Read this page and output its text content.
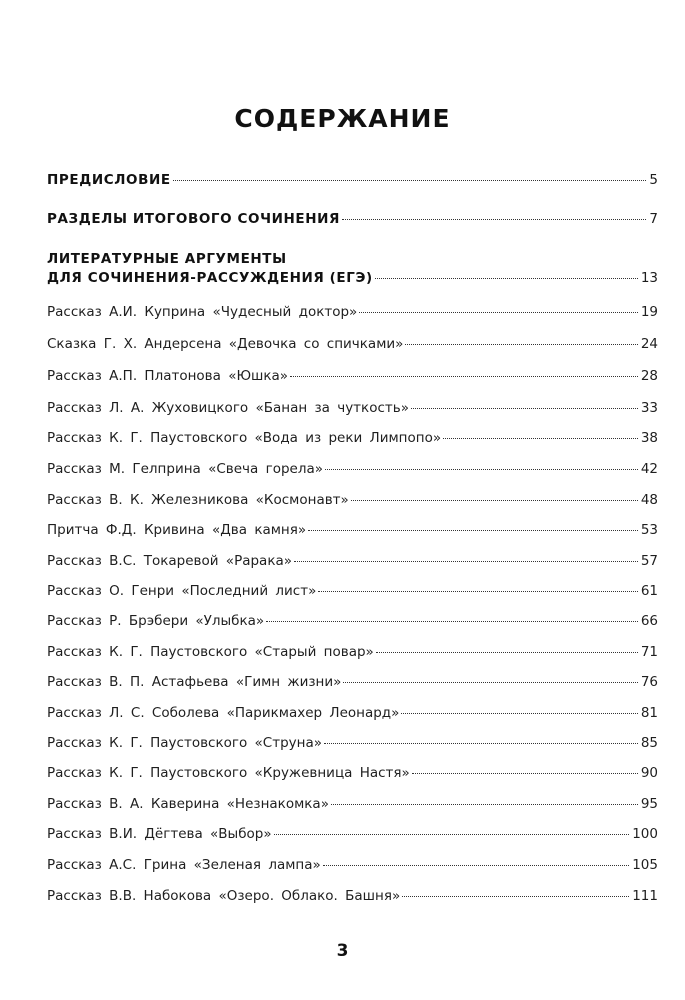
СОДЕРЖАНИЕ
ПРЕДИСЛОВИЕ	5
РАЗДЕЛЫ ИТОГОВОГО СОЧИНЕНИЯ	7
ЛИТЕРАТУРНЫЕ АРГУМЕНТЫ
ДЛЯ СОЧИНЕНИЯ-РАССУЖДЕНИЯ (ЕГЭ)	13
Рассказ А.И. Куприна «Чудесный доктор»	19
Сказка Г. Х. Андерсена «Девочка со спичками»	24
Рассказ А.П. Платонова «Юшка»	28
Рассказ Л. А. Жуховицкого «Банан за чуткость»	33
Рассказ К. Г. Паустовского «Вода из реки Лимпопо»	38
Рассказ М. Гелприна «Свеча горела»	42
Рассказ В. К. Железникова «Космонавт»	48
Притча Ф.Д. Кривина «Два камня»	53
Рассказ В.С. Токаревой «Рарака»	57
Рассказ О. Генри «Последний лист»	61
Рассказ Р. Брэбери «Улыбка»	66
Рассказ К. Г. Паустовского «Старый повар»	71
Рассказ В. П. Астафьева «Гимн жизни»	76
Рассказ Л. С. Соболева «Парикмахер Леонард»	81
Рассказ К. Г. Паустовского «Струна»	85
Рассказ К. Г. Паустовского «Кружевница Настя»	90
Рассказ В. А. Каверина «Незнакомка»	95
Рассказ В.И. Дёгтева «Выбор»	100
Рассказ А.С. Грина «Зеленая лампа»	105
Рассказ В.В. Набокова «Озеро. Облако. Башня»	111
3
